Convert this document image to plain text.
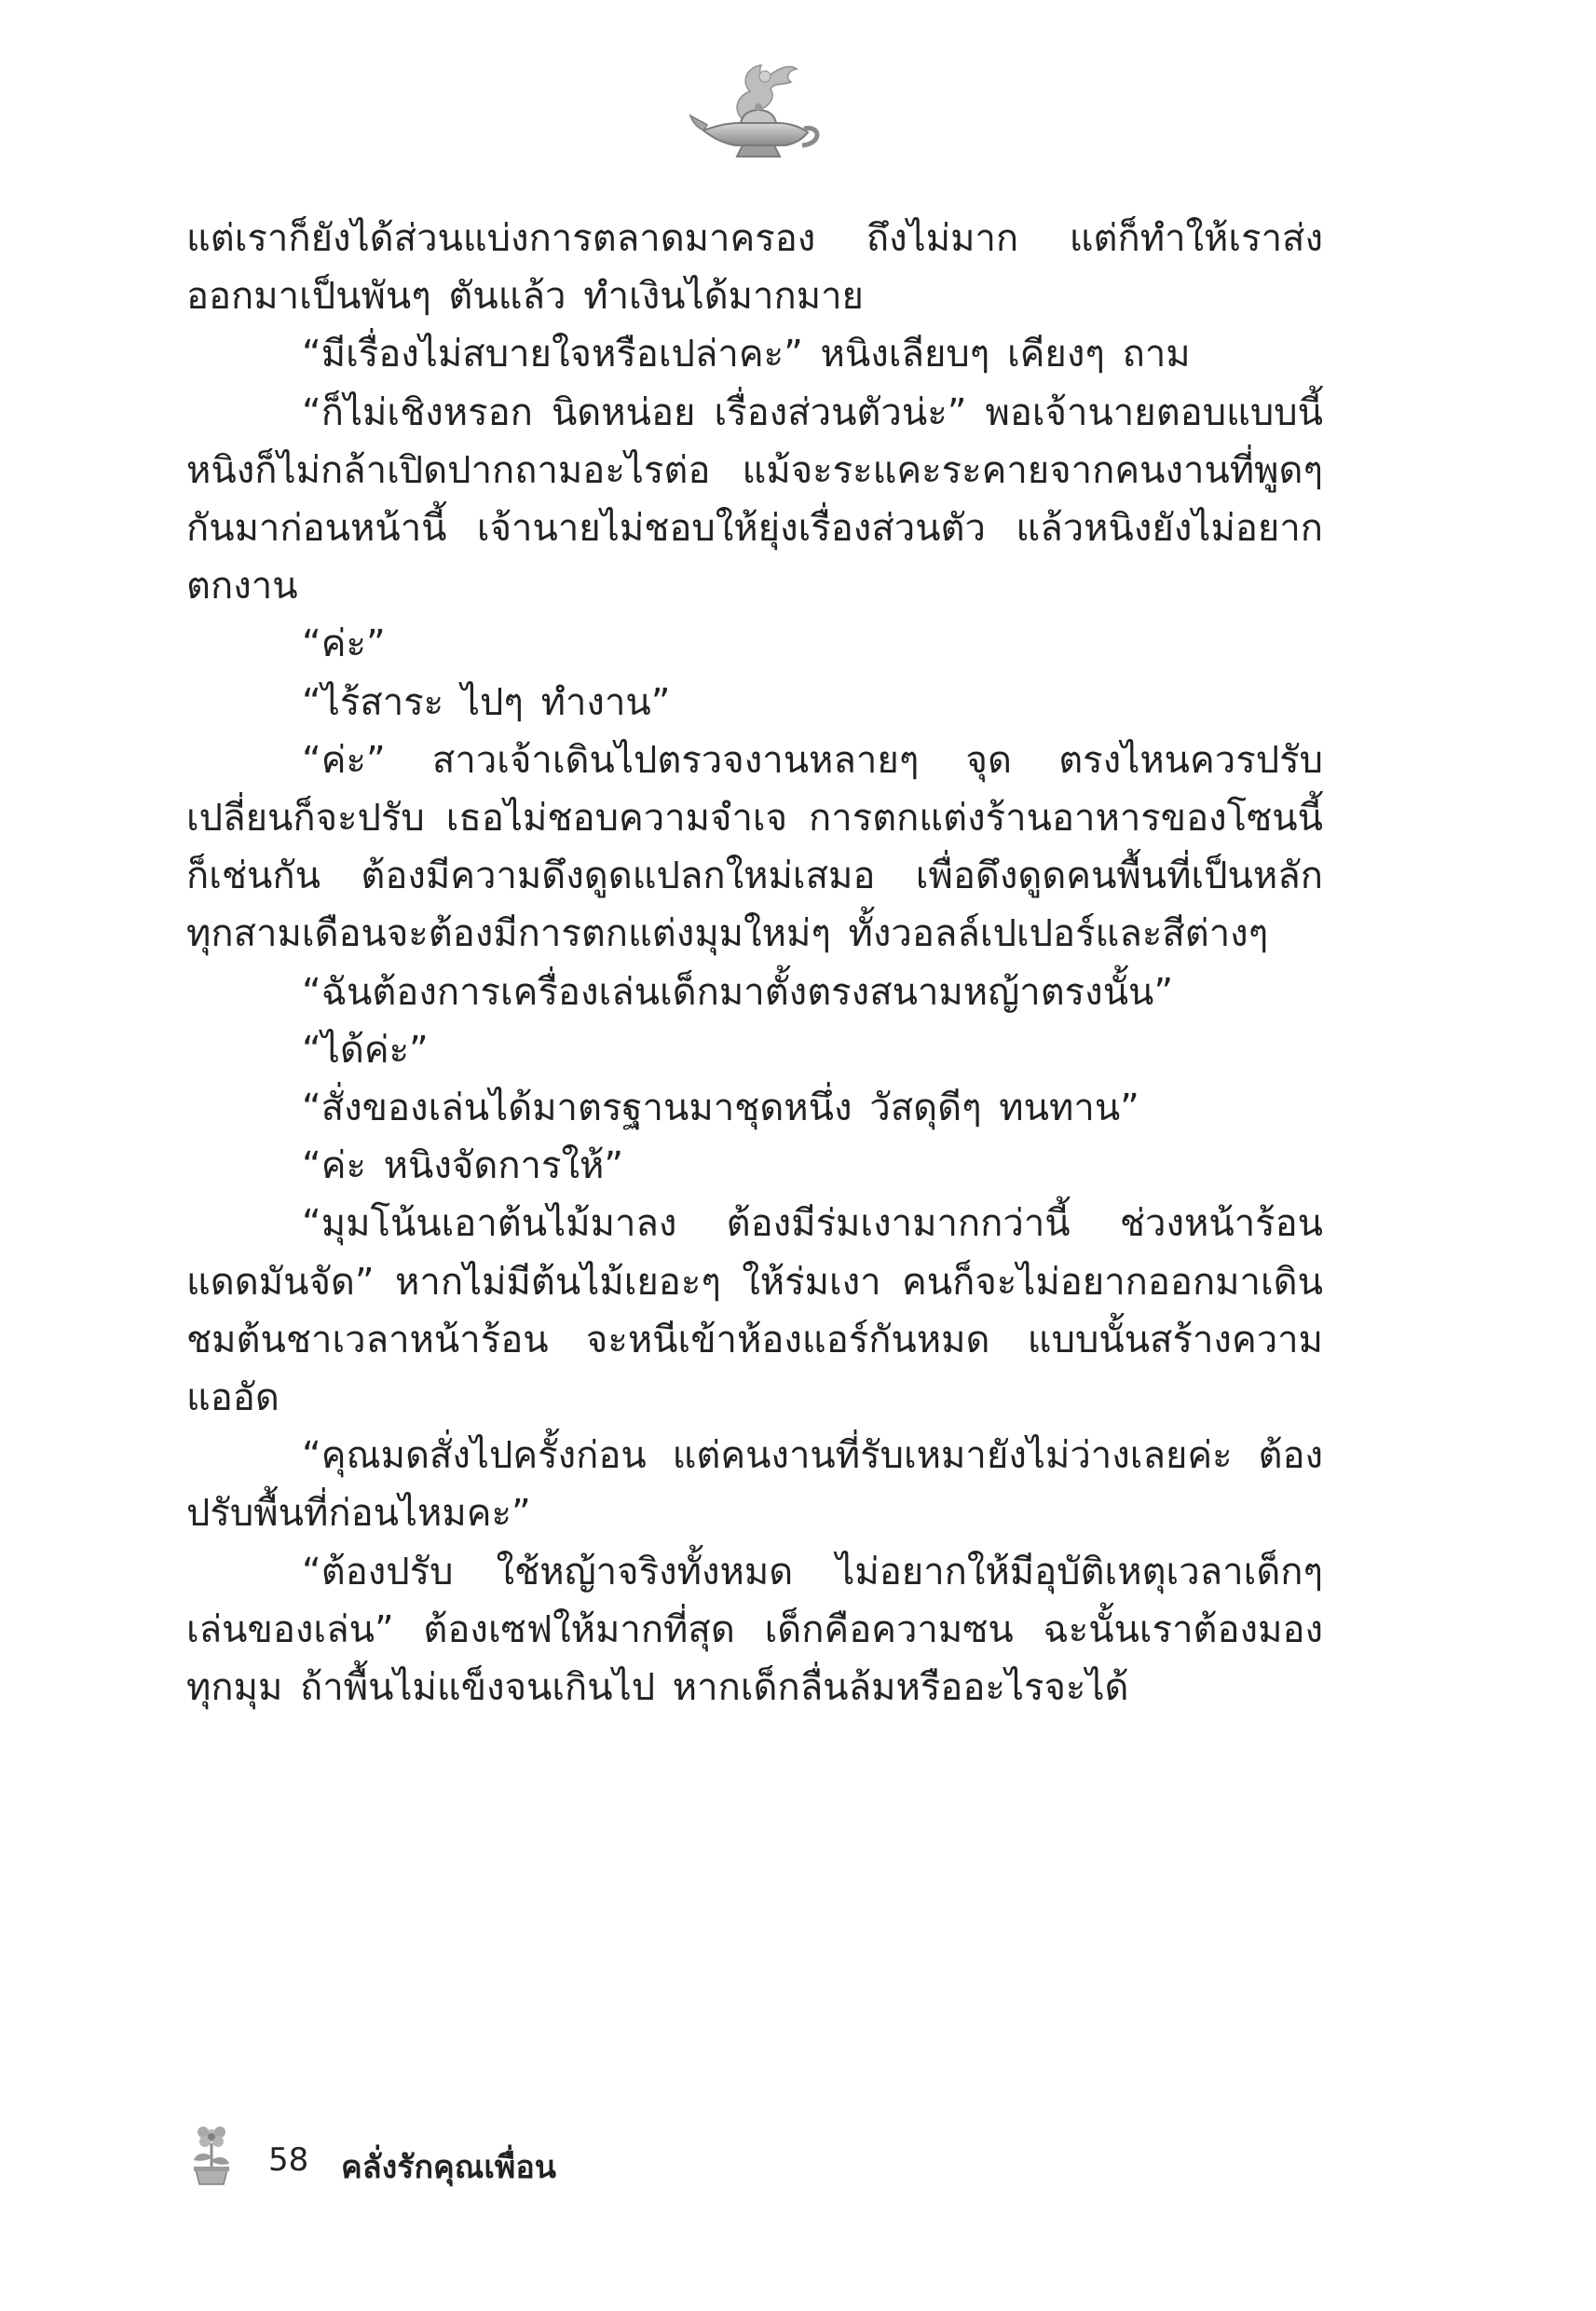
แต่เราก็ยังได้ส่วนแบ่งการตลาดมาครอง ถึงไม่มาก แต่ก็ทำให้เราส่งออกมาเป็นพันๆ ตันแล้ว ทำเงินได้มากมาย

“มีเรื่องไม่สบายใจหรือเปล่าคะ” หนิงเลียบๆ เคียงๆ ถาม

“ก็ไม่เชิงหรอก นิดหน่อย เรื่องส่วนตัวน่ะ” พอเจ้านายตอบแบบนี้ หนิงก็ไม่กล้าเปิดปากถามอะไรต่อ แม้จะระแคะระคายจากคนงานที่พูดๆ กันมาก่อนหน้านี้ เจ้านายไม่ชอบให้ยุ่งเรื่องส่วนตัว แล้วหนิงยังไม่อยากตกงาน

“ค่ะ”

“ไร้สาระ ไปๆ ทำงาน”

“ค่ะ” สาวเจ้าเดินไปตรวจงานหลายๆ จุด ตรงไหนควรปรับเปลี่ยนก็จะปรับ เธอไม่ชอบความจำเจ การตกแต่งร้านอาหารของโซนนี้ก็เช่นกัน ต้องมีความดึงดูดแปลกใหม่เสมอ เพื่อดึงดูดคนพื้นที่เป็นหลัก ทุกสามเดือนจะต้องมีการตกแต่งมุมใหม่ๆ ทั้งวอลล์เปเปอร์และสีต่างๆ

“ฉันต้องการเครื่องเล่นเด็กมาตั้งตรงสนามหญ้าตรงนั้น”

“ได้ค่ะ”

“สั่งของเล่นได้มาตรฐานมาชุดหนึ่ง วัสดุดีๆ ทนทาน”

“ค่ะ หนิงจัดการให้”

“มุมโน้นเอาต้นไม้มาลง ต้องมีร่มเงามากกว่านี้ ช่วงหน้าร้อนแดดมันจัด” หากไม่มีต้นไม้เยอะๆ ให้ร่มเงา คนก็จะไม่อยากออกมาเดินชมต้นชาเวลาหน้าร้อน จะหนีเข้าห้องแอร์กันหมด แบบนั้นสร้างความแออัด

“คุณมดสั่งไปครั้งก่อน แต่คนงานที่รับเหมายังไม่ว่างเลยค่ะ ต้องปรับพื้นที่ก่อนไหมคะ”

“ต้องปรับ ใช้หญ้าจริงทั้งหมด ไม่อยากให้มีอุบัติเหตุเวลาเด็กๆ เล่นของเล่น” ต้องเซฟให้มากที่สุด เด็กคือความซน ฉะนั้นเราต้องมองทุกมุม ถ้าพื้นไม่แข็งจนเกินไป หากเด็กลื่นล้มหรืออะไรจะได้

58 คลั่งรักคุณเพื่อน
